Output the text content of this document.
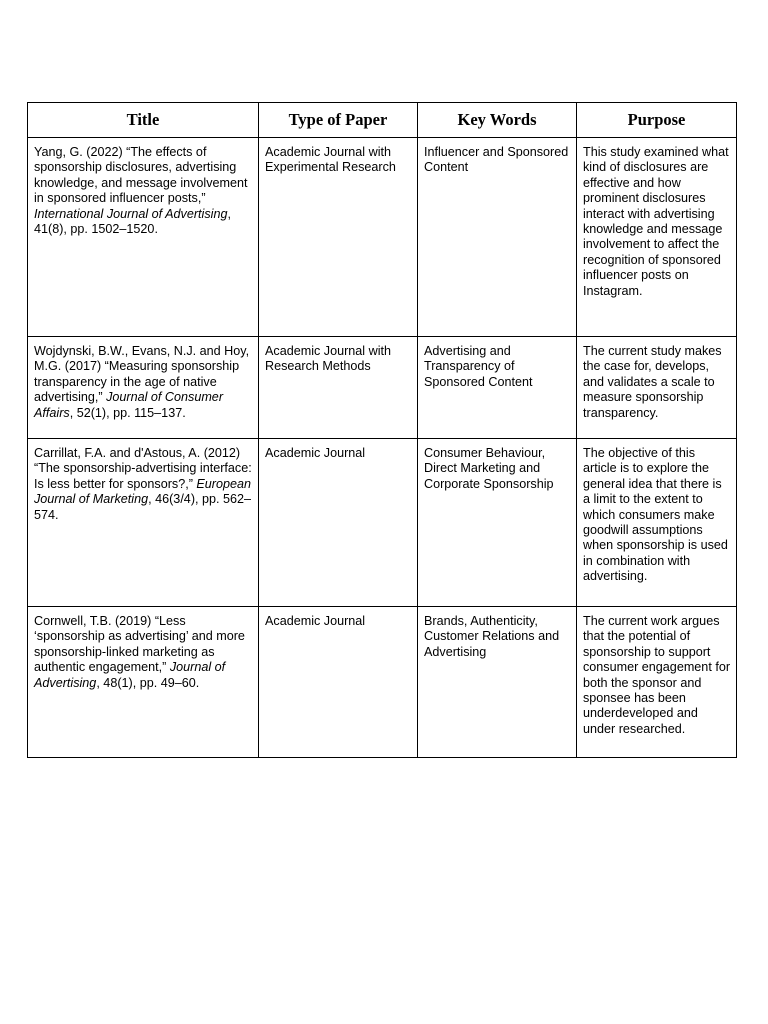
Title	Type of Paper	Key Words	Purpose
Yang, G. (2022) “The effects of sponsorship disclosures, advertising knowledge, and message involvement in sponsored influencer posts,” International Journal of Advertising, 41(8), pp. 1502–1520.	Academic Journal with Experimental Research	Influencer and Sponsored Content	This study examined what kind of disclosures are effective and how prominent disclosures interact with advertising knowledge and message involvement to affect the recognition of sponsored influencer posts on Instagram.
Wojdynski, B.W., Evans, N.J. and Hoy, M.G. (2017) “Measuring sponsorship transparency in the age of native advertising,” Journal of Consumer Affairs, 52(1), pp. 115–137.	Academic Journal with Research Methods	Advertising and Transparency of Sponsored Content	The current study makes the case for, develops, and validates a scale to measure sponsorship transparency.
Carrillat, F.A. and d'Astous, A. (2012) “The sponsorship‐advertising interface: Is less better for sponsors?,” European Journal of Marketing, 46(3/4), pp. 562–574.	Academic Journal	Consumer Behaviour, Direct Marketing and Corporate Sponsorship	The objective of this article is to explore the general idea that there is a limit to the extent to which consumers make goodwill assumptions when sponsorship is used in combination with advertising.
Cornwell, T.B. (2019) “Less ‘sponsorship as advertising’ and more sponsorship-linked marketing as authentic engagement,” Journal of Advertising, 48(1), pp. 49–60.	Academic Journal	Brands, Authenticity, Customer Relations and Advertising	The current work argues that the potential of sponsorship to support consumer engagement for both the sponsor and sponsee has been underdeveloped and under researched.
